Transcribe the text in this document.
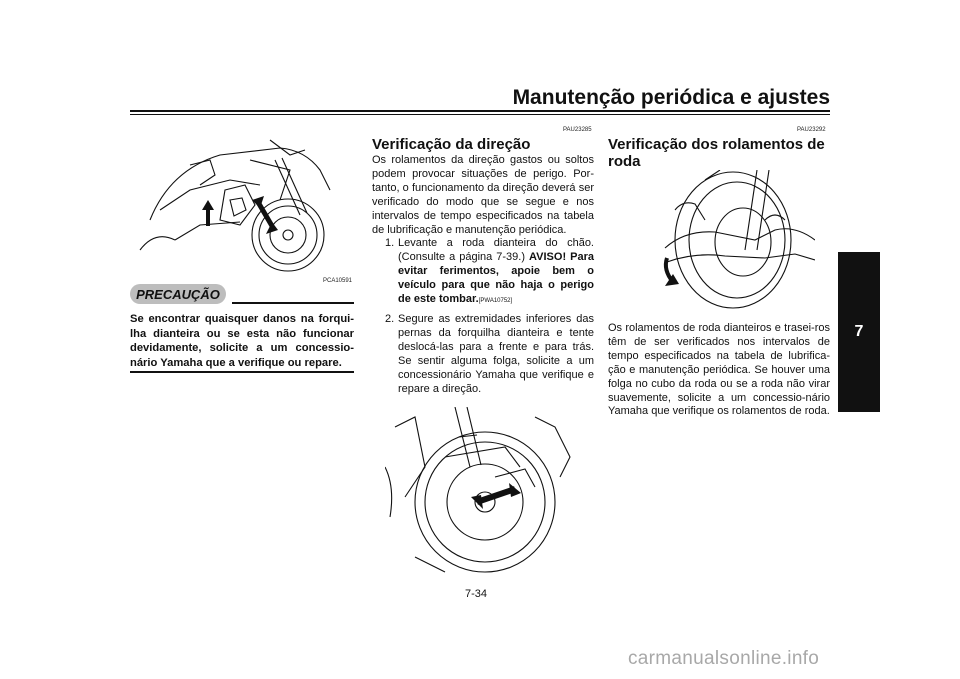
Manutenção periódica e ajustes
7
PCA10591
PRECAUÇÃO
Se encontrar quaisquer danos na forqui-lha dianteira ou se esta não funcionar devidamente, solicite a um concessio-nário Yamaha que a verifique ou repare.
PAU23285
Verificação da direção
Os rolamentos da direção gastos ou soltos podem provocar situações de perigo. Por-tanto, o funcionamento da direção deverá ser verificado do modo que se segue e nos intervalos de tempo especificados na tabela de lubrificação e manutenção periódica.
1. Levante a roda dianteira do chão. (Consulte a página 7-39.) AVISO! Para evitar ferimentos, apoie bem o veículo para que não haja o perigo de este tombar.[PWA10752]
2. Segure as extremidades inferiores das pernas da forquilha dianteira e tente deslocá-las para a frente e para trás. Se sentir alguma folga, solicite a um concessionário Yamaha que verifique e repare a direção.
PAU23292
Verificação dos rolamentos de roda
Os rolamentos de roda dianteiros e trasei-ros têm de ser verificados nos intervalos de tempo especificados na tabela de lubrifica-ção e manutenção periódica. Se houver uma folga no cubo da roda ou se a roda não virar suavemente, solicite a um concessio-nário Yamaha que verifique os rolamentos de roda.
7-34
carmanualsonline.info
